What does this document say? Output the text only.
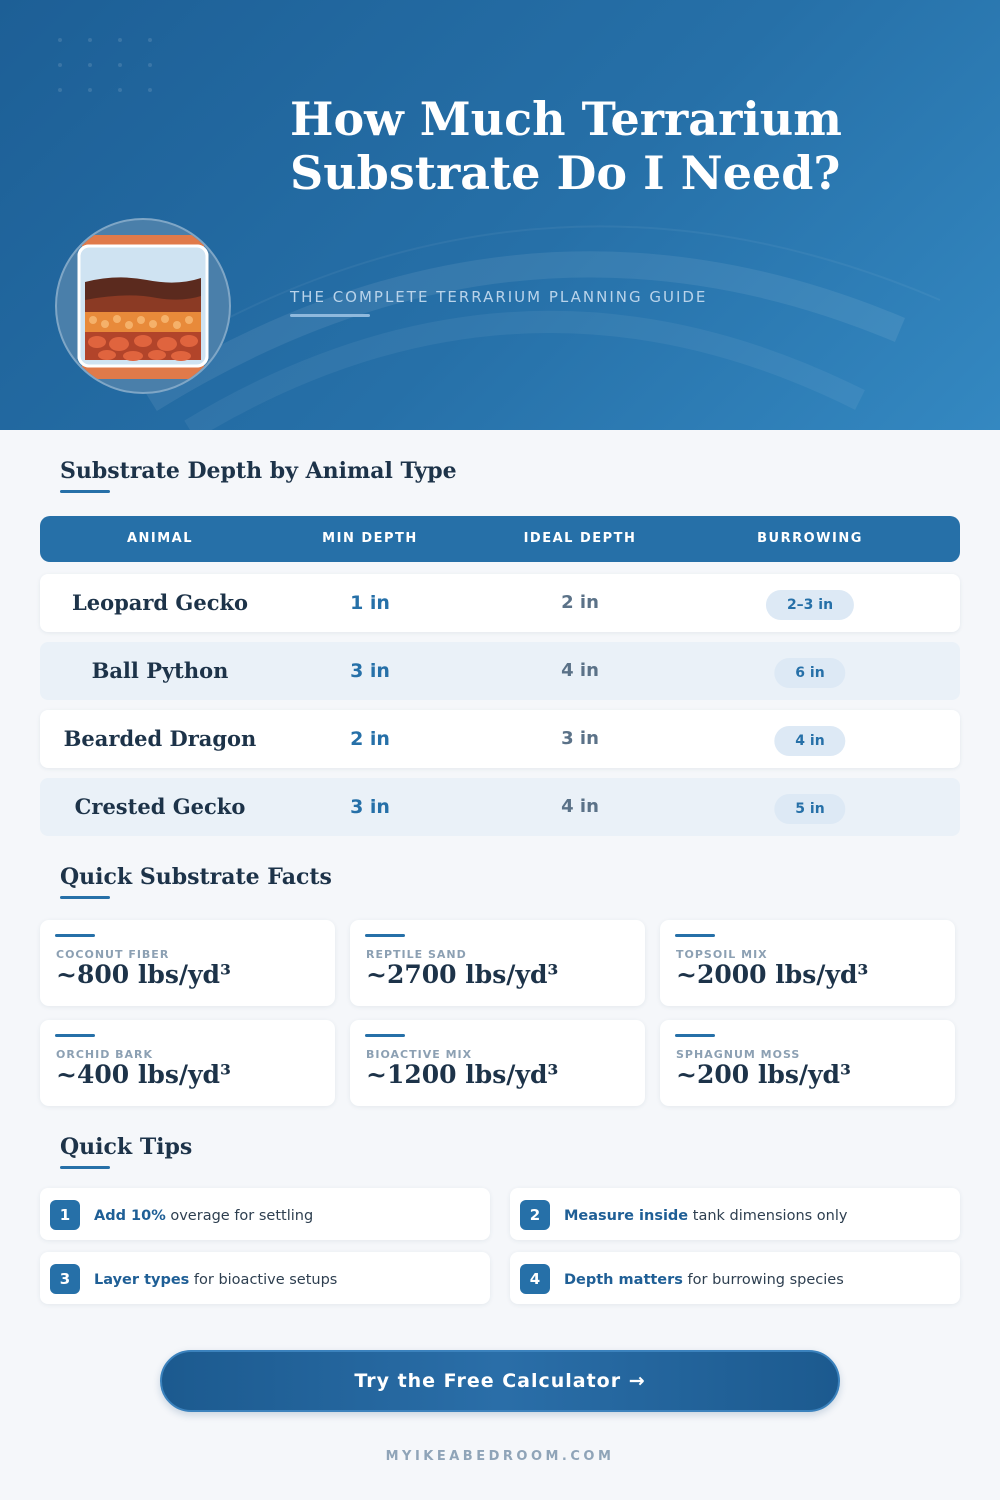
How Much Terrarium Substrate Do I Need?

THE COMPLETE TERRARIUM PLANNING GUIDE

Substrate Depth by Animal Type
ANIMAL	MIN DEPTH	IDEAL DEPTH	BURROWING
Leopard Gecko	1 in	2 in	2–3 in
Ball Python	3 in	4 in	6 in
Bearded Dragon	2 in	3 in	4 in
Crested Gecko	3 in	4 in	5 in
Quick Substrate Facts
COCONUT FIBER
~800 lbs/yd³
REPTILE SAND
~2700 lbs/yd³
TOPSOIL MIX
~2000 lbs/yd³
ORCHID BARK
~400 lbs/yd³
BIOACTIVE MIX
~1200 lbs/yd³
SPHAGNUM MOSS
~200 lbs/yd³
Quick Tips
1	Add 10% overage for settling	2	Measure inside tank dimensions only
3	Layer types for bioactive setups	4	Depth matters for burrowing species
Try the Free Calculator →
MYIKEABEDROOM.COM
